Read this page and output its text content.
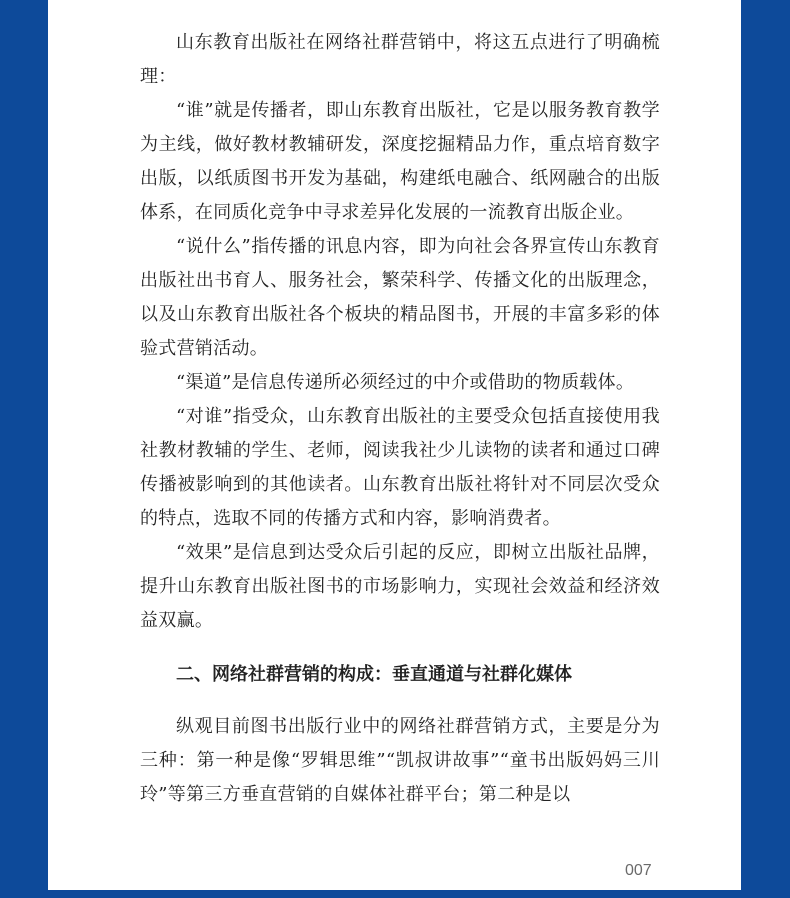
山东教育出版社在网络社群营销中，将这五点进行了明确梳理：

“谁”就是传播者，即山东教育出版社，它是以服务教育教学为主线，做好教材教辅研发，深度挖掘精品力作，重点培育数字出版，以纸质图书开发为基础，构建纸电融合、纸网融合的出版体系，在同质化竞争中寻求差异化发展的一流教育出版企业。

“说什么”指传播的讯息内容，即为向社会各界宣传山东教育出版社出书育人、服务社会，繁荣科学、传播文化的出版理念，以及山东教育出版社各个板块的精品图书，开展的丰富多彩的体验式营销活动。

“渠道”是信息传递所必须经过的中介或借助的物质载体。

“对谁”指受众，山东教育出版社的主要受众包括直接使用我社教材教辅的学生、老师，阅读我社少儿读物的读者和通过口碑传播被影响到的其他读者。山东教育出版社将针对不同层次受众的特点，选取不同的传播方式和内容，影响消费者。

“效果”是信息到达受众后引起的反应，即树立出版社品牌，提升山东教育出版社图书的市场影响力，实现社会效益和经济效益双赢。

二、网络社群营销的构成：垂直通道与社群化媒体

纵观目前图书出版行业中的网络社群营销方式，主要是分为三种：第一种是像“罗辑思维”“凯叔讲故事”“童书出版妈妈三川玲”等第三方垂直营销的自媒体社群平台；第二种是以

007
